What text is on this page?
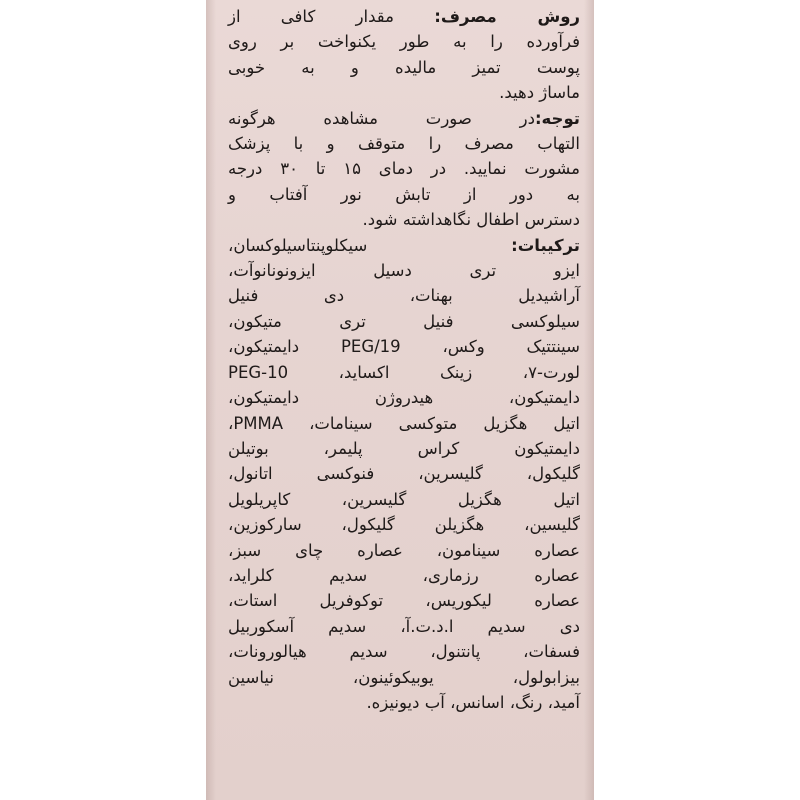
روش مصرف: مقدار کافی از
فرآورده را به طور یکنواخت بر روی
پوست تمیز مالیده و به خوبی
ماساژ دهید.
توجه:در صورت مشاهده هرگونه
التهاب مصرف را متوقف و با پزشک
مشورت نمایید. در دمای ۱۵ تا ۳۰ درجه
به دور از تابش نور آفتاب و
دسترس اطفال نگاهداشته شود.
ترکیبات:   سیکلوپنتاسیلوکسان،
ایزو تری دسیل ایزونونانوآت،
آراشیدیل بهنات، دی فنیل
سیلوکسی فنیل تری متیکون،
سینتتیک وکس، PEG/19 دایمتیکون،
لورت-۷، زینک اکساید، PEG-10
دایمتیکون، هیدروژن دایمتیکون،
اتیل هگزیل متوکسی سینامات، PMMA،
دایمتیکون کراس پلیمر، بوتیلن
گلیکول، گلیسرین، فنوکسی اتانول،
اتیل هگزیل گلیسرین، کاپریلویل
گلیسین، هگزیلن گلیکول، سارکوزین،
عصاره سینامون، عصاره چای سبز،
عصاره رزماری، سدیم کلراید،
عصاره لیکوریس، توکوفریل استات،
دی سدیم ا.د.ت.آ، سدیم آسکوربیل
فسفات، پانتنول، سدیم هیالورونات،
بیزابولول، یوبیکوئینون، نیاسین
آمید، رنگ، اسانس، آب دیونیزه.
